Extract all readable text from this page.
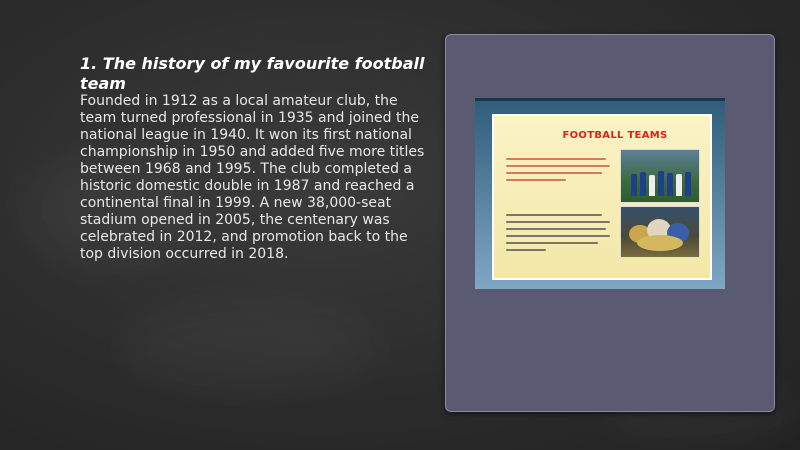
1. The history of my favourite football team

Founded in 1912 as a local amateur club, the team turned professional in 1935 and joined the national league in 1940. It won its first national championship in 1950 and added five more titles between 1968 and 1995. The club completed a historic domestic double in 1987 and reached a continental final in 1999. A new 38,000-seat stadium opened in 2005, the centenary was celebrated in 2012, and promotion back to the top division occurred in 2018.

FOOTBALL TEAMS
